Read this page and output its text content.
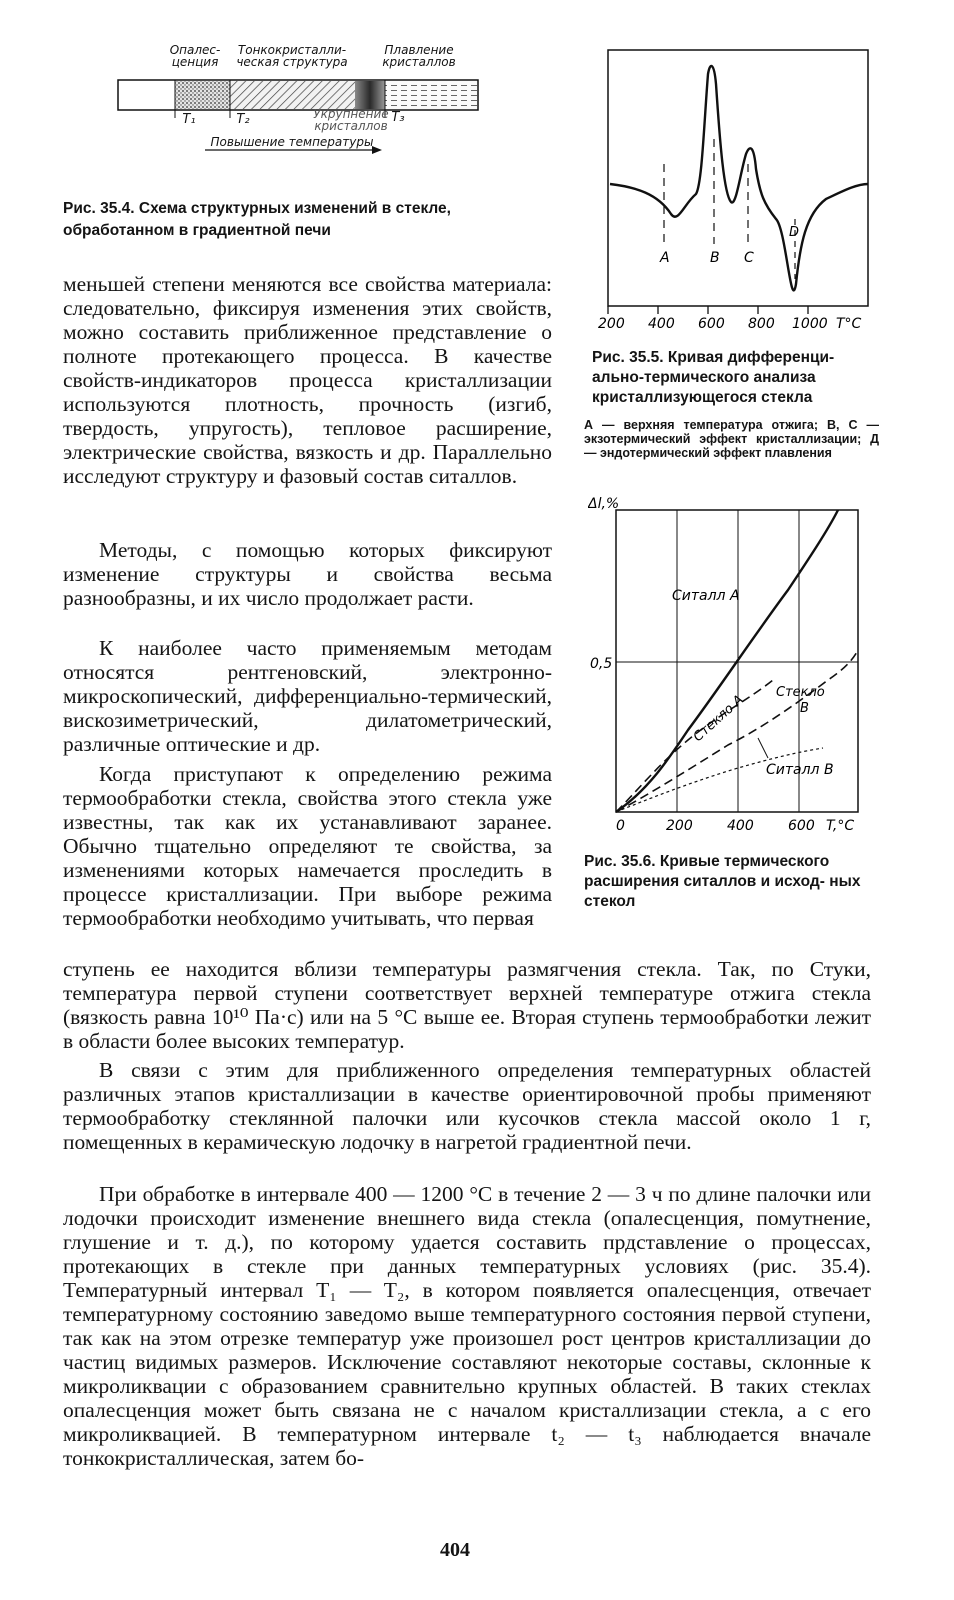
Опалес-
ценция
Тонкокристалли-
ческая структура
Плавление
кристаллов
Укрупнение
кристаллов
T₁	T₂	T₃
Повышение температуры
Рис. 35.4. Схема структурных изменений в стекле, обработанном в градиентной печи
меньшей степени меняются все свойства материала: следовательно, фиксируя изменения этих свойств, можно составить приближенное представление о полноте протекающего процесса. В качестве свойств-индикаторов процесса кристаллизации используются плотность, прочность (изгиб, твердость, упругость), тепловое расширение, электрические свойства, вязкость и др. Параллельно исследуют структуру и фазовый состав ситаллов.
Методы, с помощью которых фиксируют изменение структуры и свойства весьма разнообразны, и их число продолжает расти.
К наиболее часто применяемым методам относятся рентгеновский, электронно-микроскопический, дифференциально-термический, вискозиметрический, дилатометрический, различные оптические и др.
Когда приступают к определению режима термообработки стекла, свойства этого стекла уже известны, так как их устанавливают заранее. Обычно тщательно определяют те свойства, за изменениями которых намечается проследить в процессе кристаллизации. При выборе режима термообработки необходимо учитывать, что первая
ступень ее находится вблизи температуры размягчения стекла. Так, по Стуки, температура первой ступени соответствует верхней температуре отжига стекла (вязкость равна 10¹⁰ Па·с) или на 5 °С выше ее. Вторая ступень термообработки лежит в области более высоких температур.
В связи с этим для приближенного определения температурных областей различных этапов кристаллизации в качестве ориентировочной пробы применяют термообработку стеклянной палочки или кусочков стекла массой около 1 г, помещенных в керамическую лодочку в нагретой градиентной печи.
При обработке в интервале 400 — 1200 °С в течение 2 — 3 ч по длине палочки или лодочки происходит изменение внешнего вида стекла (опалесценция, помутнение, глушение и т. д.), по которому удается составить прдставление о процессах, протекающих в стекле при данных температурных условиях (рис. 35.4). Температурный интервал T₁ — T₂, в котором появляется опалесценция, отвечает температурному состоянию заведомо выше температурного состояния первой ступени, так как на этом отрезке температур уже произошел рост центров кристаллизации до частиц видимых размеров. Исключение составляют некоторые составы, склонные к микроликвации с образованием сравнительно крупных областей. В таких стеклах опалесценция может быть связана не с началом кристаллизации стекла, а с его микроликвацией. В температурном интервале t₂ — t₃ наблюдается вначале тонкокристаллическая, затем бо-
A	B C
D
200 400 600 800 1000 T°C
Рис. 35.5. Кривая дифференци- ально-термического анализа кристаллизующегося стекла
А — верхняя температура отжига; В, С — экзотермический эффект кристаллизации; Д — эндотермический эффект плавления
Δl,%
0,5
0	200 400 600 T,°C
Ситалл А
Стекло А Стекло
В
Ситалл В
Рис. 35.6. Кривые термического расширения ситаллов и исход- ных стекол
404
